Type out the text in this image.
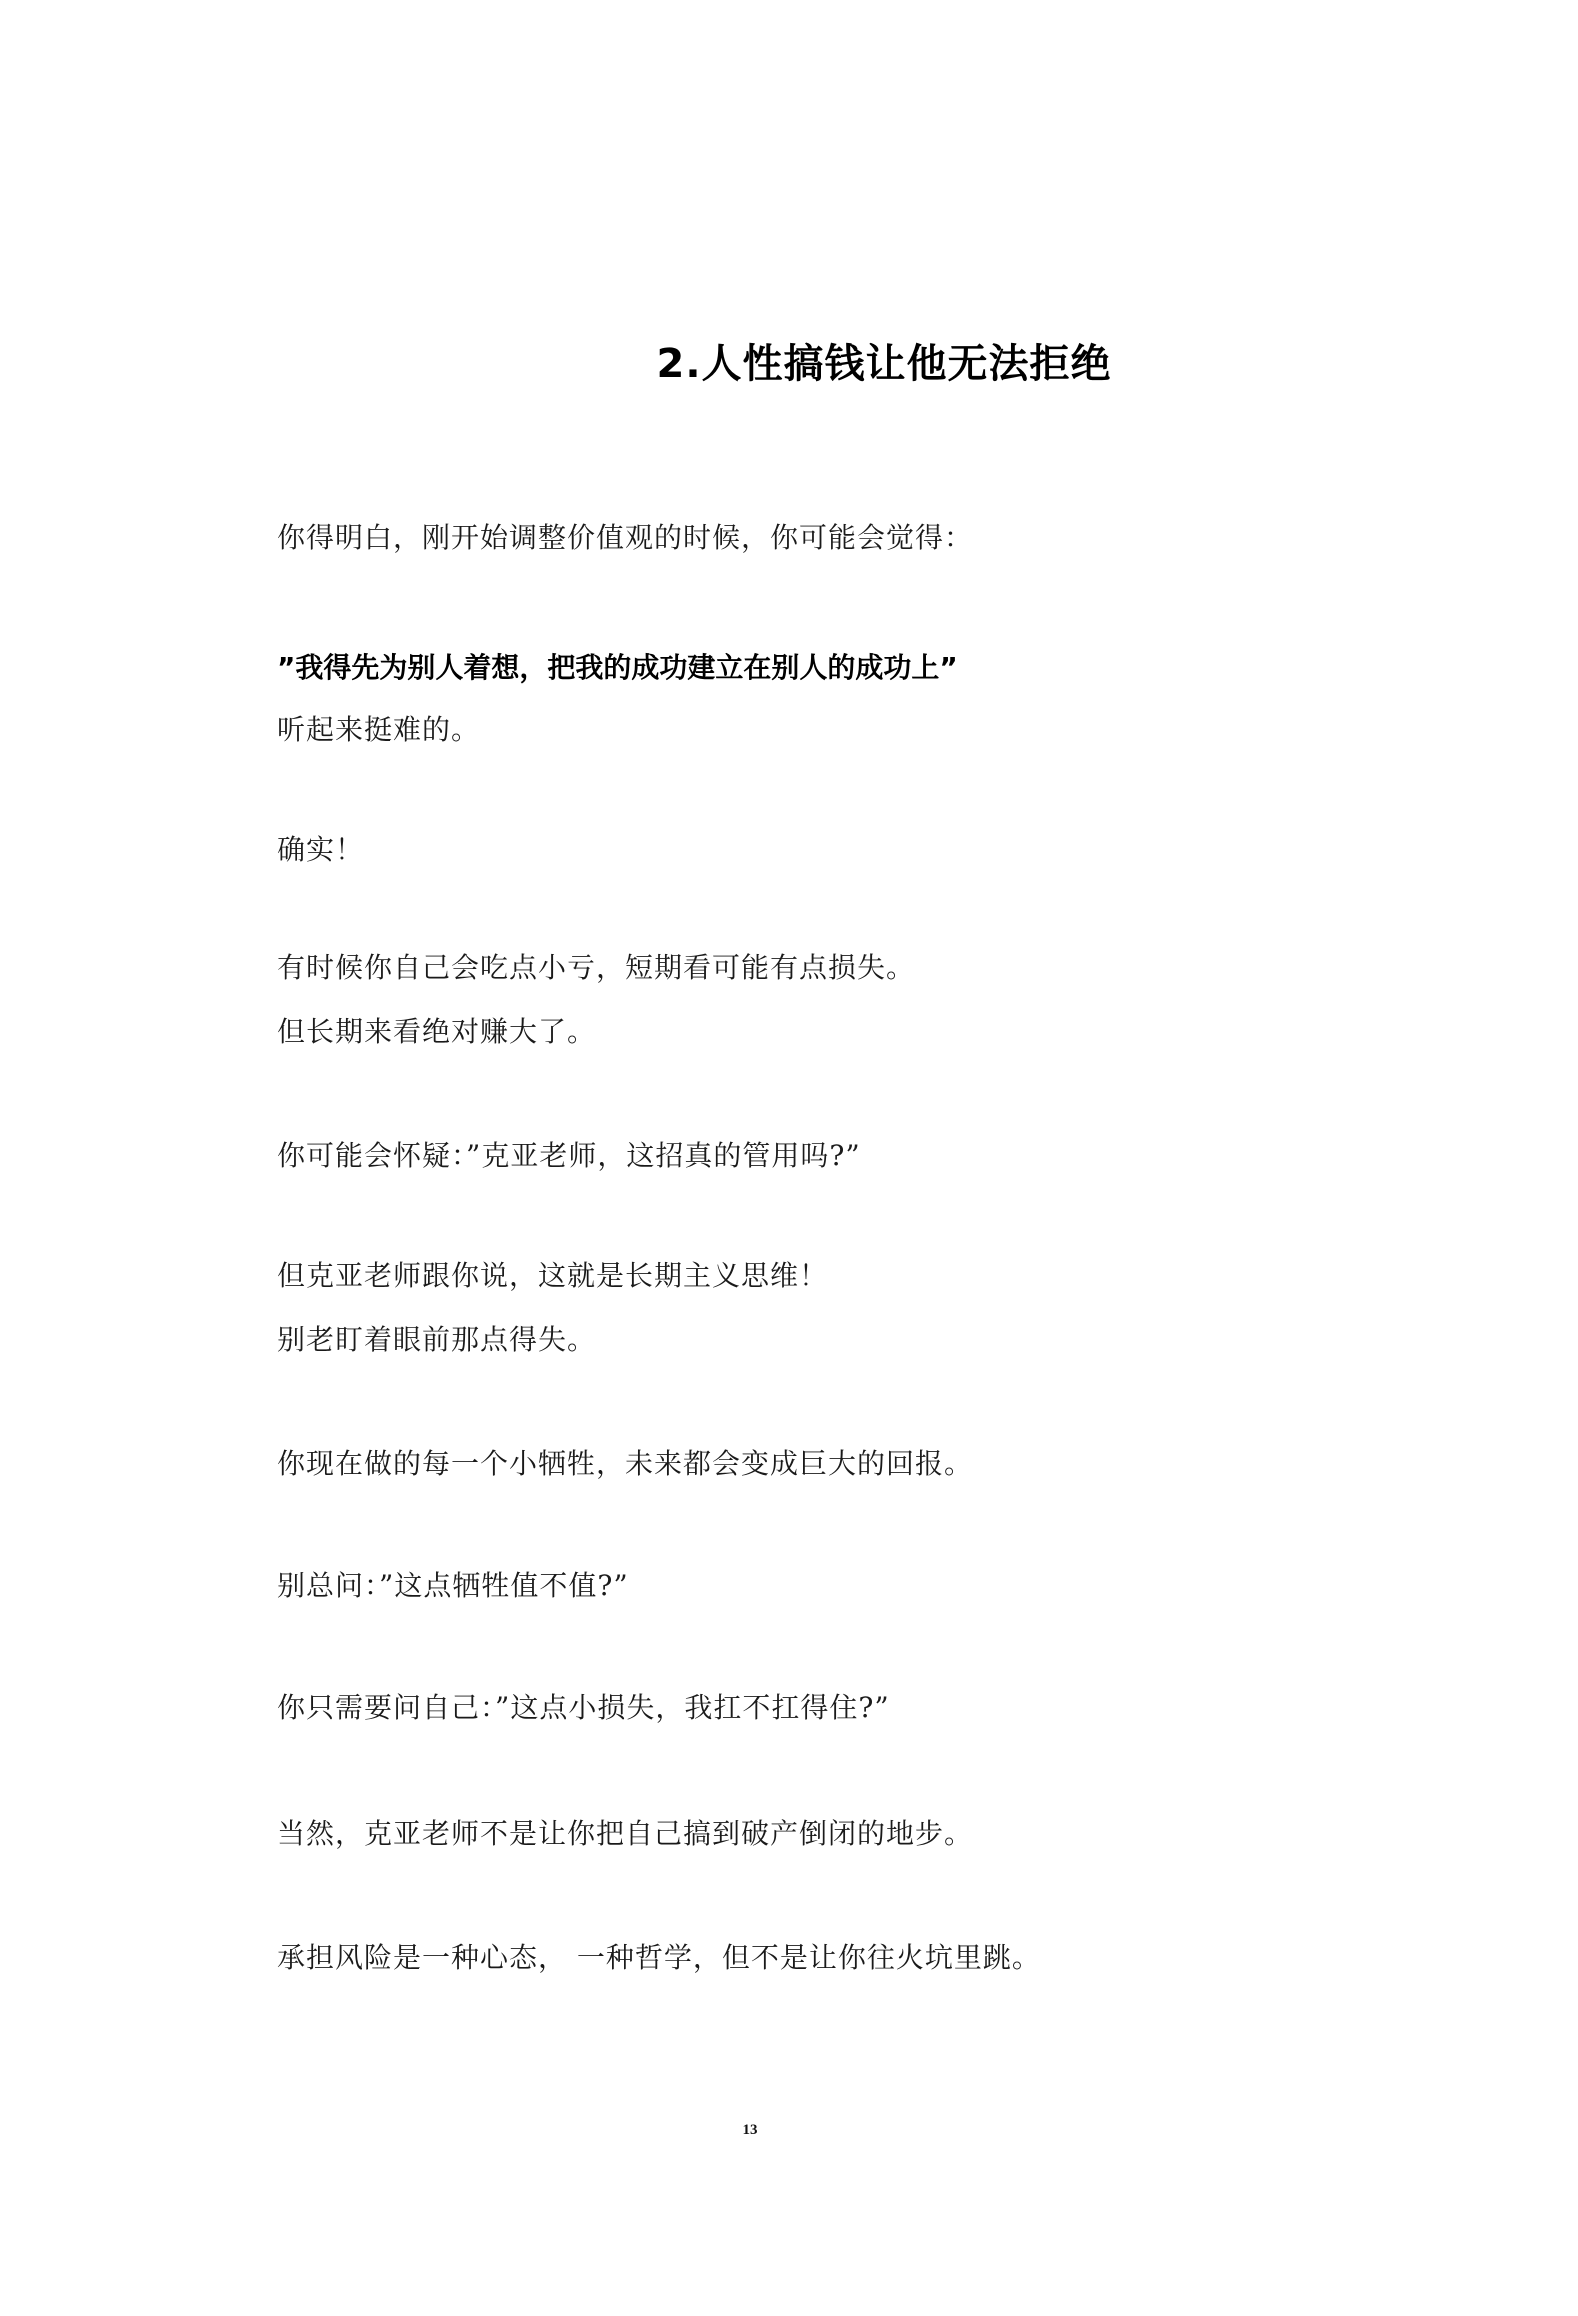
2.人性搞钱让他无法拒绝
你得明白，刚开始调整价值观的时候，你可能会觉得：
”我得先为别人着想，把我的成功建立在别人的成功上”
听起来挺难的。
确实！
有时候你自己会吃点小亏，短期看可能有点损失。
但长期来看绝对赚大了。
你可能会怀疑：”克亚老师，这招真的管用吗?”
但克亚老师跟你说，这就是长期主义思维！
别老盯着眼前那点得失。
你现在做的每一个小牺牲，未来都会变成巨大的回报。
别总问：”这点牺牲值不值?”
你只需要问自己：”这点小损失，我扛不扛得住?”
当然，克亚老师不是让你把自己搞到破产倒闭的地步。
承担风险是一种心态， 一种哲学，但不是让你往火坑里跳。
13
